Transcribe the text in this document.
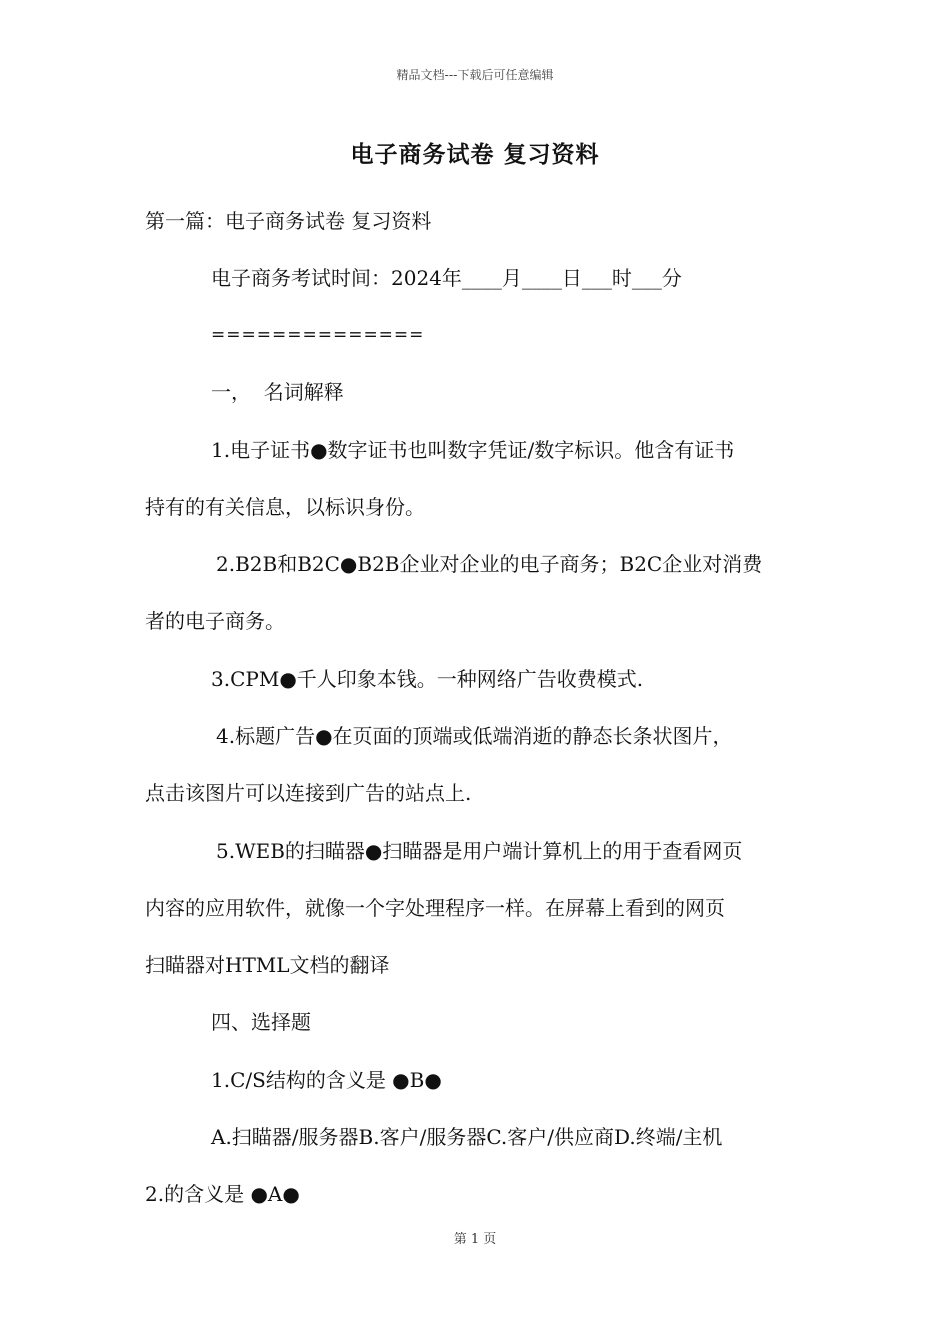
精品文档---下载后可任意编辑
电子商务试卷 复习资料
第一篇：电子商务试卷 复习资料
电子商务考试时间：2024年____月____日___时___分
==============
一，  名词解释
1.电子证书●数字证书也叫数字凭证/数字标识。他含有证书
持有的有关信息，以标识身份。
2.B2B和B2C●B2B企业对企业的电子商务；B2C企业对消费
者的电子商务。
3.CPM●千人印象本钱。一种网络广告收费模式.
4.标题广告●在页面的顶端或低端消逝的静态长条状图片，
点击该图片可以连接到广告的站点上.
5.WEB的扫瞄器●扫瞄器是用户端计算机上的用于查看网页
内容的应用软件，就像一个字处理程序一样。在屏幕上看到的网页
扫瞄器对HTML文档的翻译
四、选择题
1.C/S结构的含义是 ●B●
A.扫瞄器/服务器B.客户/服务器C.客户/供应商D.终端/主机
2.的含义是 ●A●
第 1 页
